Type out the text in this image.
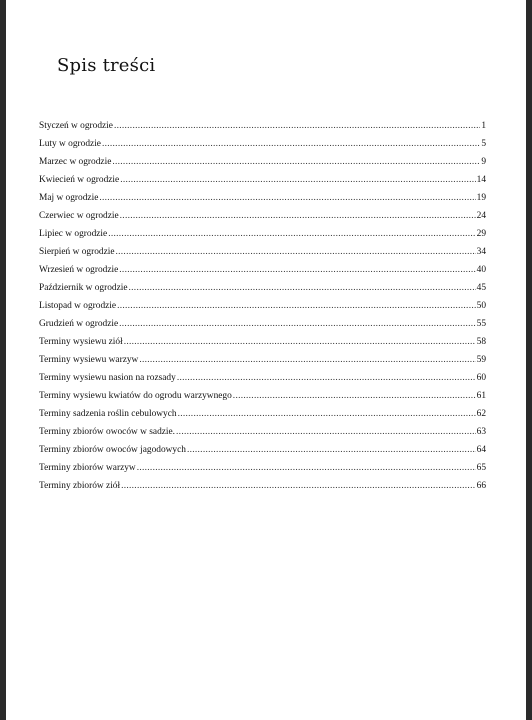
Spis treści
Styczeń w ogrodzie .....	1
Luty w ogrodzie .....	5
Marzec w ogrodzie .....	9
Kwiecień w ogrodzie .....	14
Maj w ogrodzie .....	19
Czerwiec w ogrodzie .....	24
Lipiec w ogrodzie .....	29
Sierpień w ogrodzie .....	34
Wrzesień w ogrodzie .....	40
Październik w ogrodzie .....	45
Listopad w ogrodzie .....	50
Grudzień w ogrodzie .....	55
Terminy wysiewu ziół .....	58
Terminy wysiewu warzyw .....	59
Terminy wysiewu nasion na rozsady .....	60
Terminy wysiewu kwiatów do ogrodu warzywnego .....	61
Terminy sadzenia roślin cebulowych .....	62
Terminy zbiorów owoców w sadzie. .....	63
Terminy zbiorów owoców jagodowych .....	64
Terminy zbiorów warzyw .....	65
Terminy zbiorów ziół .....	66
